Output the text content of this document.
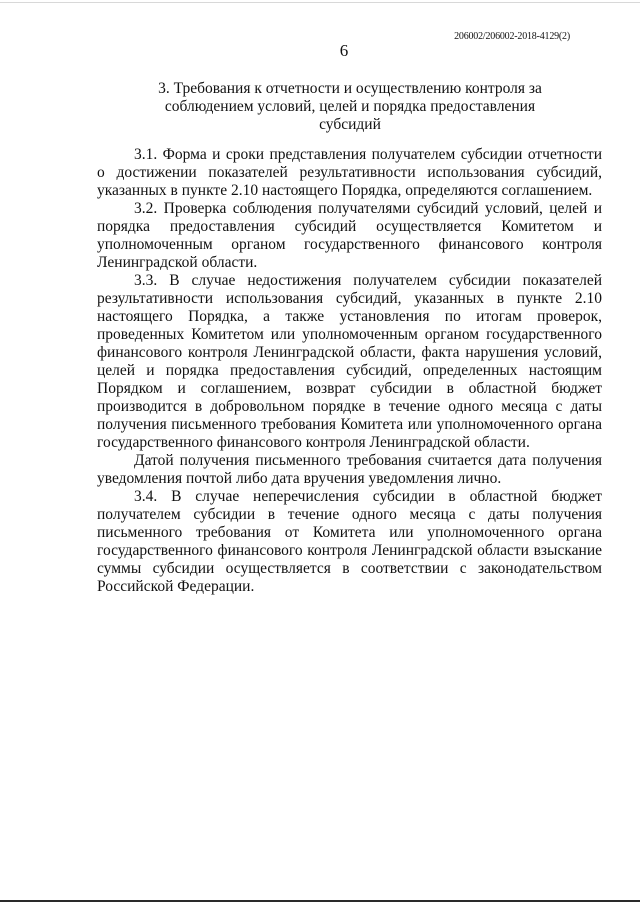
206002/206002-2018-4129(2)
6
3. Требования к отчетности и осуществлению контроля за соблюдением условий, целей и порядка предоставления субсидий

3.1. Форма и сроки представления получателем субсидии отчетности о достижении показателей результативности использования субсидий, указанных в пункте 2.10 настоящего Порядка, определяются соглашением.

3.2. Проверка соблюдения получателями субсидий условий, целей и порядка предоставления субсидий осуществляется Комитетом и уполномоченным органом государственного финансового контроля Ленинградской области.

3.3. В случае недостижения получателем субсидии показателей результативности использования субсидий, указанных в пункте 2.10 настоящего Порядка, а также установления по итогам проверок, проведенных Комитетом или уполномоченным органом государственного финансового контроля Ленинградской области, факта нарушения условий, целей и порядка предоставления субсидий, определенных настоящим Порядком и соглашением, возврат субсидии в областной бюджет производится в добровольном порядке в течение одного месяца с даты получения письменного требования Комитета или уполномоченного органа государственного финансового контроля Ленинградской области.

Датой получения письменного требования считается дата получения уведомления почтой либо дата вручения уведомления лично.

3.4. В случае неперечисления субсидии в областной бюджет получателем субсидии в течение одного месяца с даты получения письменного требования от Комитета или уполномоченного органа государственного финансового контроля Ленинградской области взыскание суммы субсидии осуществляется в соответствии с законодательством Российской Федерации.
